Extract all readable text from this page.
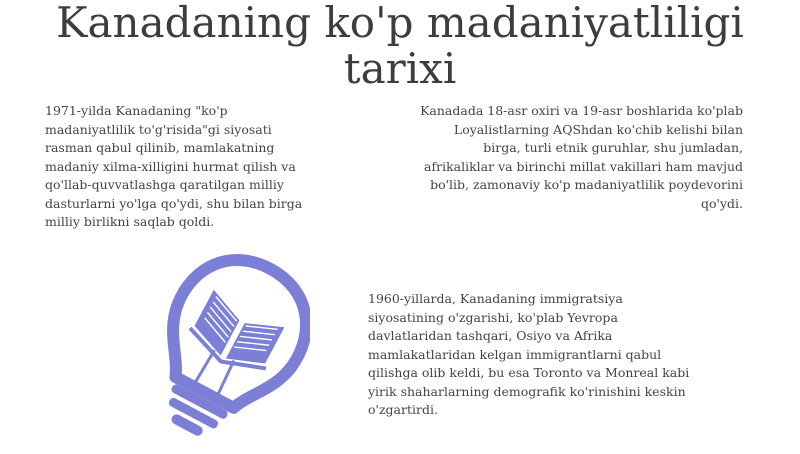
Kanadaning ko'p madaniyatliligi
tarixi

1971-yilda Kanadaning "ko'p
madaniyatlilik to'g'risida"gi siyosati
rasman qabul qilinib, mamlakatning
madaniy xilma-xilligini hurmat qilish va
qo'llab-quvvatlashga qaratilgan milliy
dasturlarni yo'lga qo'ydi, shu bilan birga
milliy birlikni saqlab qoldi.

Kanadada 18-asr oxiri va 19-asr boshlarida ko'plab
Loyalistlarning AQShdan ko'chib kelishi bilan
birga, turli etnik guruhlar, shu jumladan,
afrikaliklar va birinchi millat vakillari ham mavjud
bo'lib, zamonaviy ko'p madaniyatlilik poydevorini
qo'ydi.

1960-yillarda, Kanadaning immigratsiya
siyosatining o'zgarishi, ko'plab Yevropa
davlatlaridan tashqari, Osiyo va Afrika
mamlakatlaridan kelgan immigrantlarni qabul
qilishga olib keldi, bu esa Toronto va Monreal kabi
yirik shaharlarning demografik ko'rinishini keskin
o'zgartirdi.
